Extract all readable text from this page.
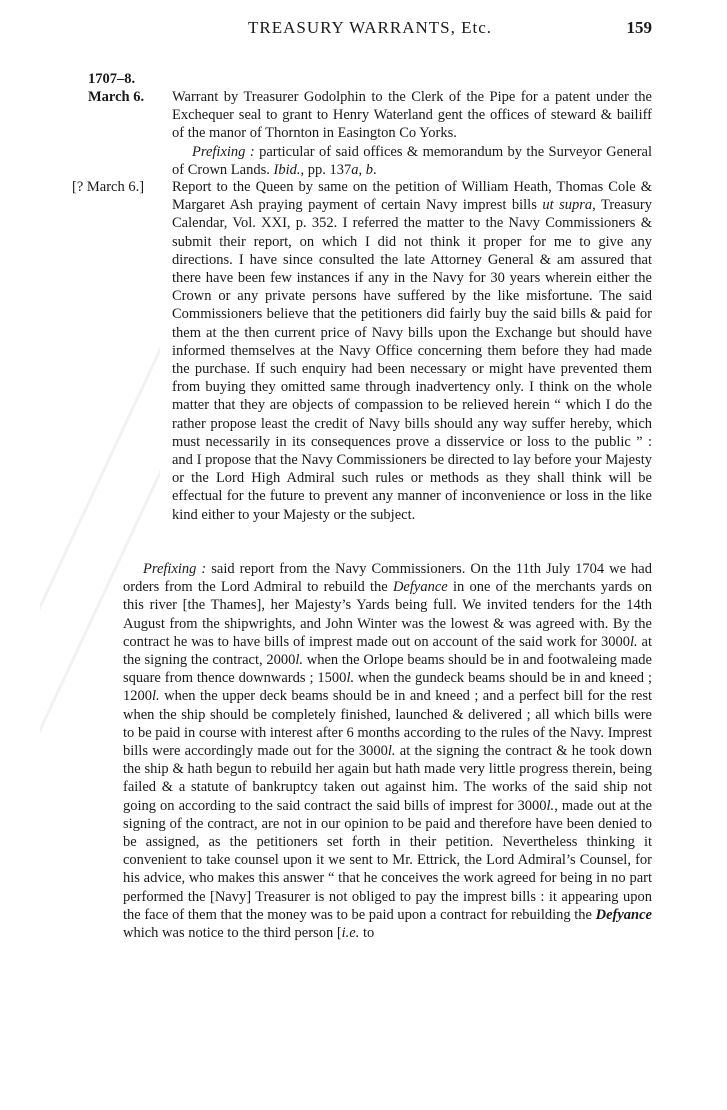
TREASURY WARRANTS, Etc.	159
1707–8.
March 6.
[? March 6.]

Warrant by Treasurer Godolphin to the Clerk of the Pipe for a patent under the Exchequer seal to grant to Henry Waterland gent the offices of steward & bailiff of the manor of Thornton in Easington Co Yorks.

Prefixing : particular of said offices & memorandum by the Surveyor General of Crown Lands. Ibid., pp. 137a, b.

Report to the Queen by same on the petition of William Heath, Thomas Cole & Margaret Ash praying payment of certain Navy imprest bills ut supra, Treasury Calendar, Vol. XXI, p. 352. I referred the matter to the Navy Commissioners & submit their report, on which I did not think it proper for me to give any directions. I have since consulted the late Attorney General & am assured that there have been few instances if any in the Navy for 30 years wherein either the Crown or any private persons have suffered by the like misfortune. The said Commissioners believe that the petitioners did fairly buy the said bills & paid for them at the then current price of Navy bills upon the Exchange but should have informed themselves at the Navy Office concerning them before they had made the purchase. If such enquiry had been necessary or might have prevented them from buying they omitted same through inadvertency only. I think on the whole matter that they are objects of compassion to be relieved herein “ which I do the rather propose least the credit of Navy bills should any way suffer hereby, which must necessarily in its consequences prove a disservice or loss to the public ” : and I propose that the Navy Commissioners be directed to lay before your Majesty or the Lord High Admiral such rules or methods as they shall think will be effectual for the future to prevent any manner of inconvenience or loss in the like kind either to your Majesty or the subject.

Prefixing : said report from the Navy Commissioners. On the 11th July 1704 we had orders from the Lord Admiral to rebuild the Defyance in one of the merchants yards on this river [the Thames], her Majesty’s Yards being full. We invited tenders for the 14th August from the shipwrights, and John Winter was the lowest & was agreed with. By the contract he was to have bills of imprest made out on account of the said work for 3000l. at the signing the contract, 2000l. when the Orlope beams should be in and footwaleing made square from thence downwards ; 1500l. when the gundeck beams should be in and kneed ; 1200l. when the upper deck beams should be in and kneed ; and a perfect bill for the rest when the ship should be completely finished, launched & delivered ; all which bills were to be paid in course with interest after 6 months according to the rules of the Navy. Imprest bills were accordingly made out for the 3000l. at the signing the contract & he took down the ship & hath begun to rebuild her again but hath made very little progress therein, being failed & a statute of bankruptcy taken out against him. The works of the said ship not going on according to the said contract the said bills of imprest for 3000l., made out at the signing of the contract, are not in our opinion to be paid and therefore have been denied to be assigned, as the petitioners set forth in their petition. Nevertheless thinking it convenient to take counsel upon it we sent to Mr. Ettrick, the Lord Admiral’s Counsel, for his advice, who makes this answer “ that he conceives the work agreed for being in no part performed the [Navy] Treasurer is not obliged to pay the imprest bills : it appearing upon the face of them that the money was to be paid upon a contract for rebuilding the Defyance which was notice to the third person [i.e. to
